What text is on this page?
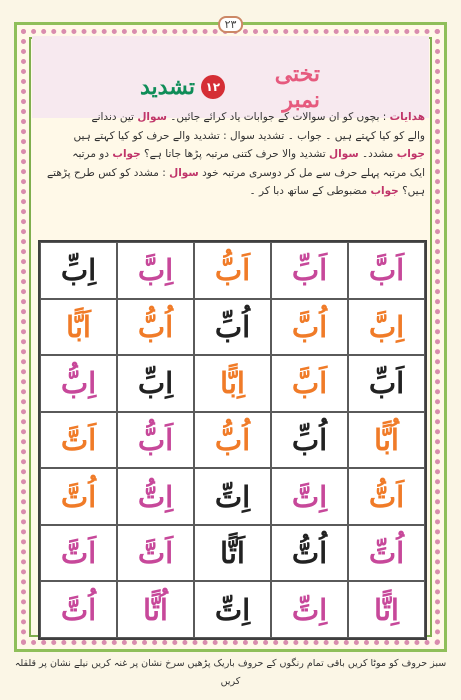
٢٣
تختی نمبر
١٢
تشدید
ھدایات : بچوں کو ان سوالات کے جوابات یاد کرائے جائیں۔ سوال تین دندانے
والے کو کیا کہتے ہیں ۔ جواب ۔ تشدید سوال : تشدید والے حرف کو کیا کہتے ہیں
جواب مشدد۔ سوال تشدید والا حرف کتنی مرتبہ پڑھا جاتا ہے؟ جواب دو مرتبہ
ایک مرتبہ پہلے حرف سے مل کر دوسری مرتبہ خود سوال : مشدد کو کس طرح پڑھتے
ہیں؟ جواب مضبوطی کے ساتھ دبا کر ۔
اَبَّ
اَبِّ
اَبُّ
اِبَّ
اِبِّ
اِبَّ
اُبَّ
اُبِّ
اُبُّ
اَبًّا
اَبِّ
اَبَّ
اِبًّا
اِبِّ
اِبُّ
اُبًّا
اُبِّ
اُبُّ
اَبُّ
اَتَّ
اَتُّ
اِتَّ
اِتِّ
اِتُّ
اُتَّ
اُتِّ
اُتُّ
اَتًّا
اَتَّ
اَتَّ
اِتًّا
اِتِّ
اِتِّ
اُتًّا
اُتَّ
سبز حروف کو موٹا کریں باقی تمام رنگوں کے حروف باریک پڑھیں سرخ نشان پر غنہ کریں نیلے نشان پر قلقلہ کریں
